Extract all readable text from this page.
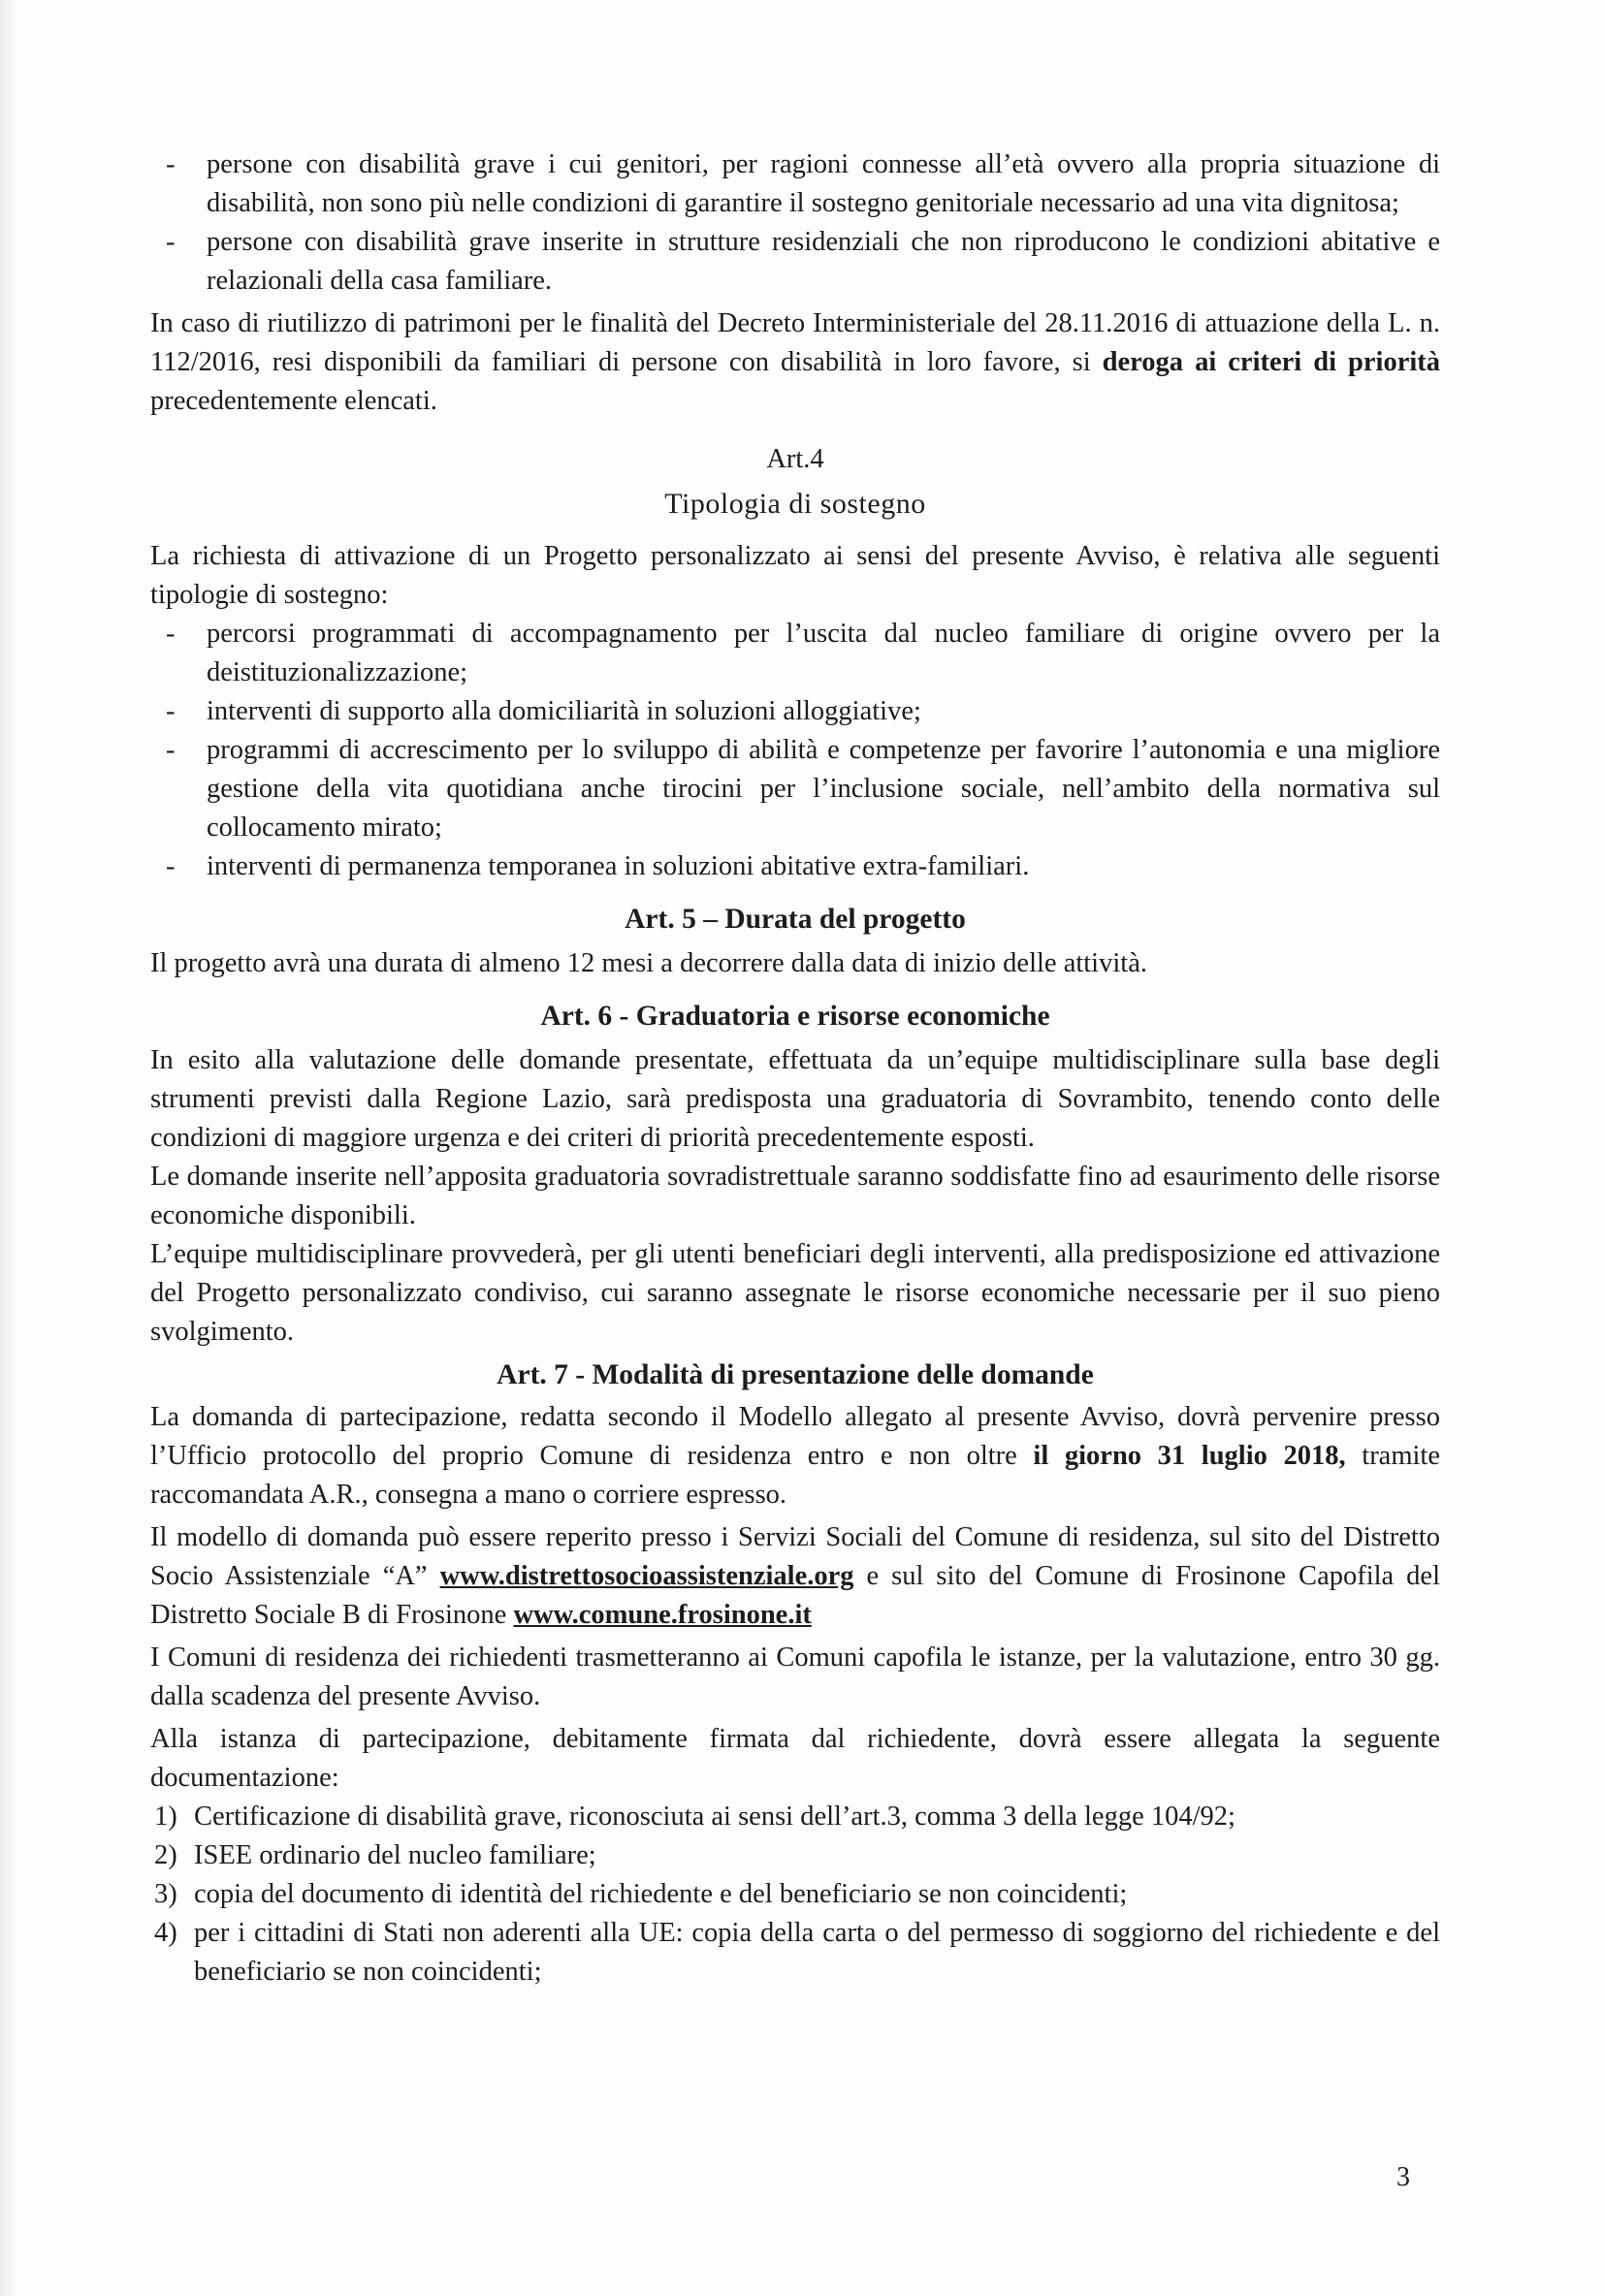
- persone con disabilità grave i cui genitori, per ragioni connesse all’età ovvero alla propria situazione di disabilità, non sono più nelle condizioni di garantire il sostegno genitoriale necessario ad una vita dignitosa;
- persone con disabilità grave inserite in strutture residenziali che non riproducono le condizioni abitative e relazionali della casa familiare.

In caso di riutilizzo di patrimoni per le finalità del Decreto Interministeriale del 28.11.2016 di attuazione della L. n. 112/2016, resi disponibili da familiari di persone con disabilità in loro favore, si deroga ai criteri di priorità precedentemente elencati.

Art.4

Tipologia di sostegno

La richiesta di attivazione di un Progetto personalizzato ai sensi del presente Avviso, è relativa alle seguenti tipologie di sostegno:

- percorsi programmati di accompagnamento per l’uscita dal nucleo familiare di origine ovvero per la deistituzionalizzazione;
- interventi di supporto alla domiciliarità in soluzioni alloggiative;
- programmi di accrescimento per lo sviluppo di abilità e competenze per favorire l’autonomia e una migliore gestione della vita quotidiana anche tirocini per l’inclusione sociale, nell’ambito della normativa sul collocamento mirato;
- interventi di permanenza temporanea in soluzioni abitative extra-familiari.

Art. 5 – Durata del progetto

Il progetto avrà una durata di almeno 12 mesi a decorrere dalla data di inizio delle attività.

Art. 6 - Graduatoria e risorse economiche

In esito alla valutazione delle domande presentate, effettuata da un’equipe multidisciplinare sulla base degli strumenti previsti dalla Regione Lazio, sarà predisposta una graduatoria di Sovrambito, tenendo conto delle condizioni di maggiore urgenza e dei criteri di priorità precedentemente esposti.

Le domande inserite nell’apposita graduatoria sovradistrettuale saranno soddisfatte fino ad esaurimento delle risorse economiche disponibili.

L’equipe multidisciplinare provvederà, per gli utenti beneficiari degli interventi, alla predisposizione ed attivazione del Progetto personalizzato condiviso, cui saranno assegnate le risorse economiche necessarie per il suo pieno svolgimento.

Art. 7 - Modalità di presentazione delle domande

La domanda di partecipazione, redatta secondo il Modello allegato al presente Avviso, dovrà pervenire presso l’Ufficio protocollo del proprio Comune di residenza entro e non oltre il giorno 31 luglio 2018, tramite raccomandata A.R., consegna a mano o corriere espresso.

Il modello di domanda può essere reperito presso i Servizi Sociali del Comune di residenza, sul sito del Distretto Socio Assistenziale “A” www.distrettosocioassistenziale.org e sul sito del Comune di Frosinone Capofila del Distretto Sociale B di Frosinone www.comune.frosinone.it

I Comuni di residenza dei richiedenti trasmetteranno ai Comuni capofila le istanze, per la valutazione, entro 30 gg. dalla scadenza del presente Avviso.

Alla istanza di partecipazione, debitamente firmata dal richiedente, dovrà essere allegata la seguente documentazione:

1) Certificazione di disabilità grave, riconosciuta ai sensi dell’art.3, comma 3 della legge 104/92;
2) ISEE ordinario del nucleo familiare;
3) copia del documento di identità del richiedente e del beneficiario se non coincidenti;
4) per i cittadini di Stati non aderenti alla UE: copia della carta o del permesso di soggiorno del richiedente e del beneficiario se non coincidenti;
3
